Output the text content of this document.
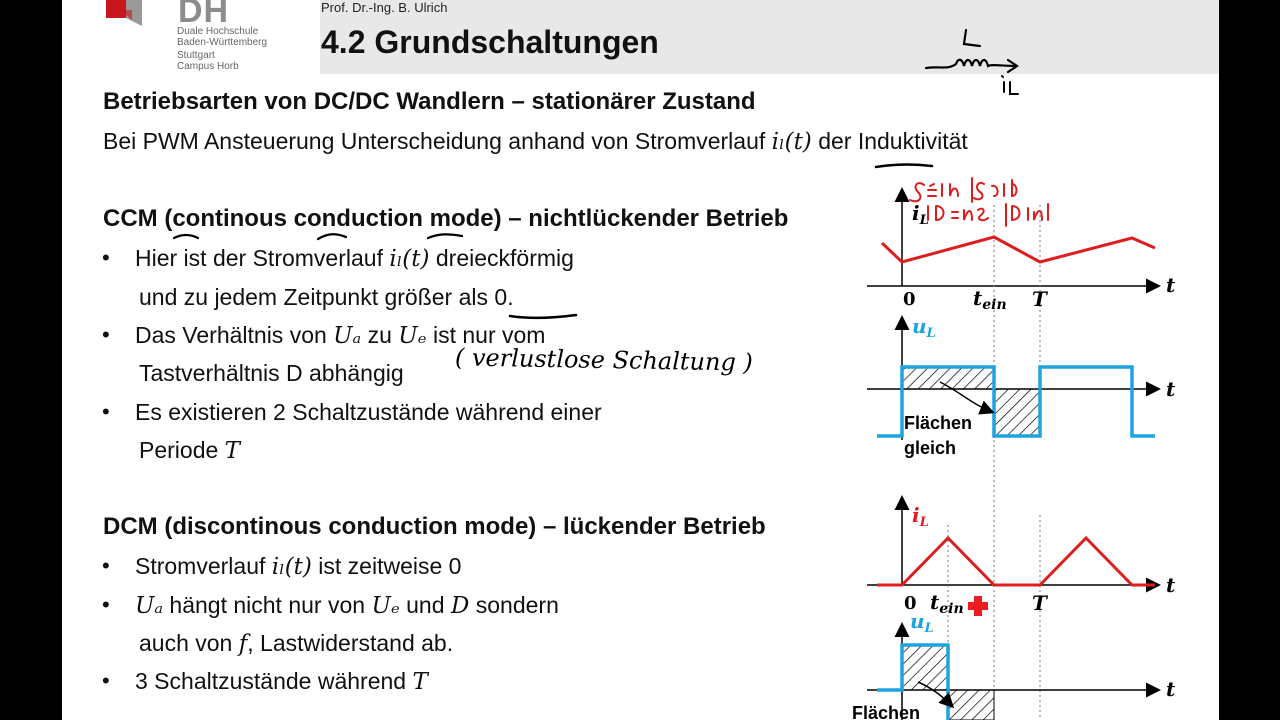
DH
Duale Hochschule
Baden-Württemberg
Stuttgart
Campus Horb
Prof. Dr.-Ing. B. Ulrich
4.2 Grundschaltungen
Betriebsarten von DC/DC Wandlern – stationärer Zustand
Bei PWM Ansteuerung Unterscheidung anhand von Stromverlauf iₗ(t) der Induktivität
CCM (continous conduction mode) – nichtlückender Betrieb
• Hier ist der Stromverlauf iₗ(t) dreieckförmig
und zu jedem Zeitpunkt größer als 0.
• Das Verhältnis von Uₐ zu Uₑ ist nur vom
Tastverhältnis D abhängig ( verlustlose Schaltung )
• Es existieren 2 Schaltzustände während einer
Periode T
DCM (discontinous conduction mode) – lückender Betrieb
• Stromverlauf iₗ(t) ist zeitweise 0
• Uₐ hängt nicht nur von Uₑ und D sondern
auch von f, Lastwiderstand ab.
• 3 Schaltzustände während T
$i_L$
t
0	$t_{ein}$ T
$u_L$
t
Flächen
gleich
$i_L$
t
0 $t_{ein}$	T
$u_L$
t
Flächen
